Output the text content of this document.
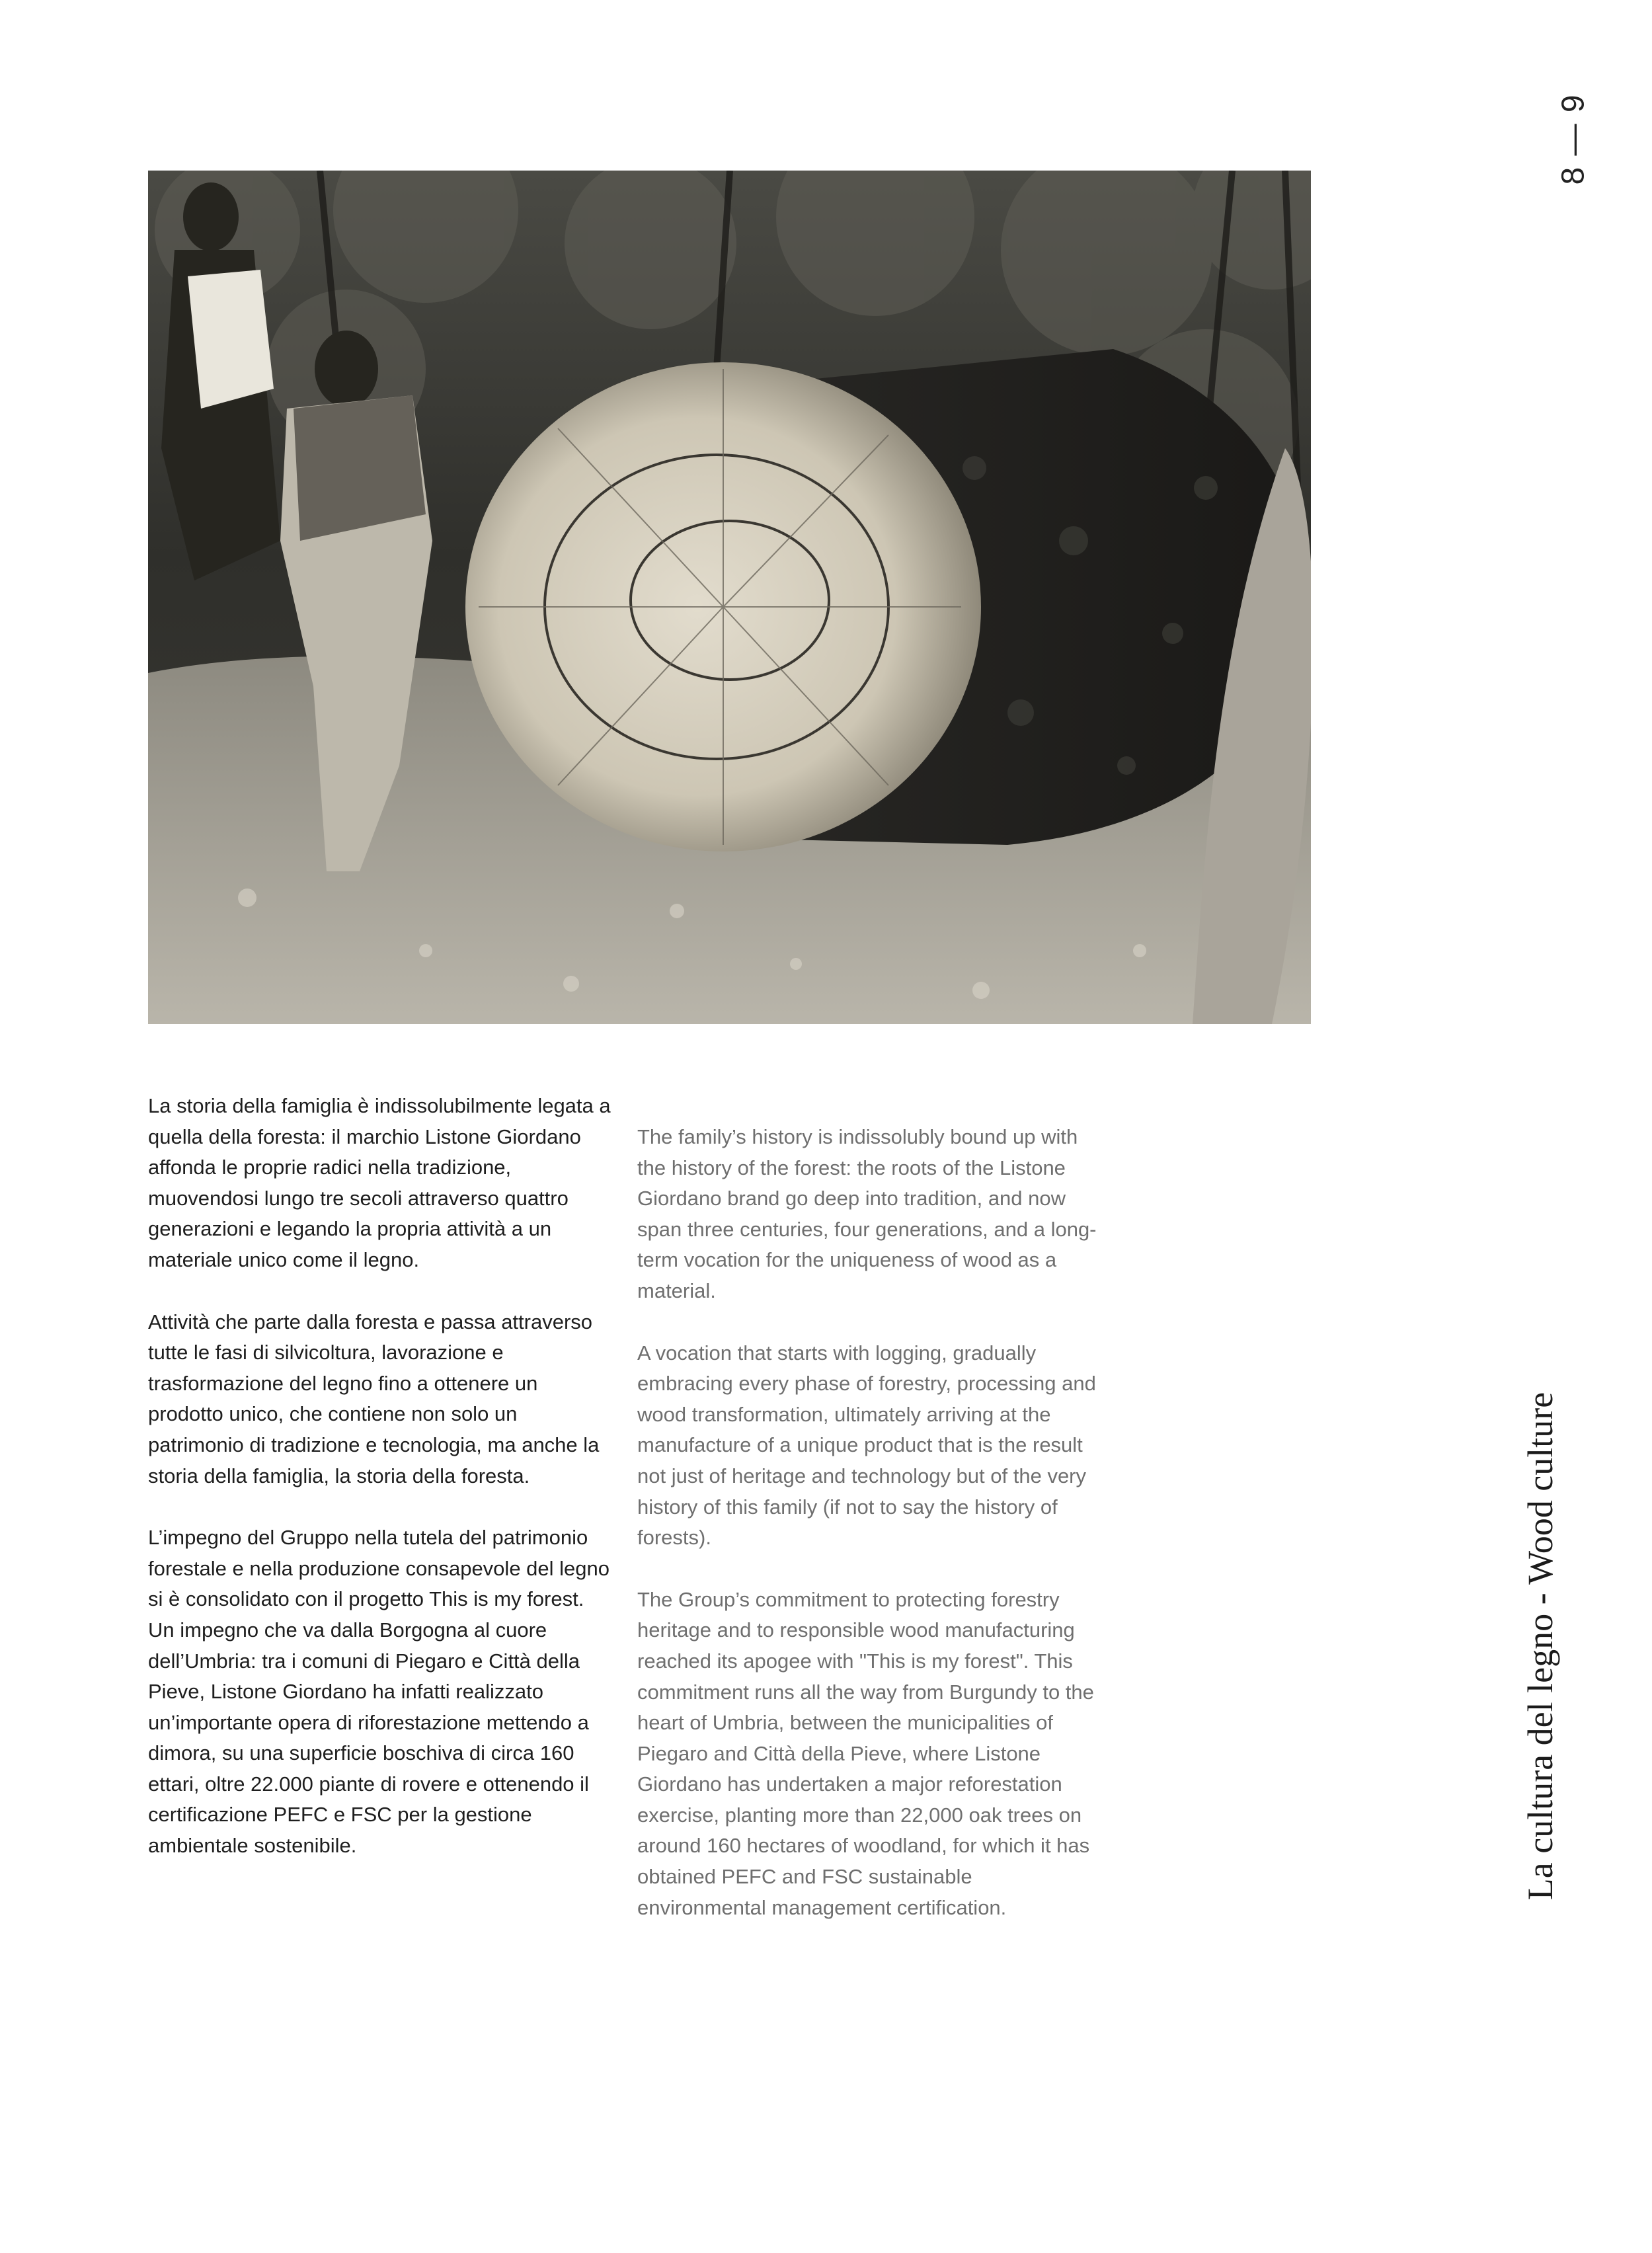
La storia della famiglia è indissolubilmente legata a quella della foresta: il marchio Listone Giordano affonda le proprie radici nella tradizione, muovendosi lungo tre secoli attraverso quattro generazioni e legando la propria attività a un materiale unico come il legno.

Attività che parte dalla foresta e passa attraverso tutte le fasi di silvicoltura, lavorazione e trasformazione del legno fino a ottenere un prodotto unico, che contiene non solo un patrimonio di tradizione e tecnologia, ma anche la storia della famiglia, la storia della foresta.

L’impegno del Gruppo nella tutela del patrimonio forestale e nella produzione consapevole del legno si è consolidato con il progetto This is my forest. Un impegno che va dalla Borgogna al cuore dell’Umbria: tra i comuni di Piegaro e Città della Pieve, Listone Giordano ha infatti realizzato un’importante opera di riforestazione mettendo a dimora, su una superficie boschiva di circa 160 ettari, oltre 22.000 piante di rovere e ottenendo il certificazione PEFC e FSC per la gestione ambientale sostenibile.

The family’s history is indissolubly bound up with the history of the forest: the roots of the Listone Giordano brand go deep into tradition, and now span three centuries, four generations, and a long-term vocation for the uniqueness of wood as a material.

A vocation that starts with logging, gradually embracing every phase of forestry, processing and wood transformation, ultimately arriving at the manufacture of a unique product that is the result not just of heritage and technology but of the very history of this family (if not to say the history of forests).

The Group’s commitment to protecting forestry heritage and to responsible wood manufacturing reached its apogee with "This is my forest". This commitment runs all the way from Burgundy to the heart of Umbria, between the municipalities of Piegaro and Città della Pieve, where Listone Giordano has undertaken a major reforestation exercise, planting more than 22,000 oak trees on around 160 hectares of woodland, for which it has obtained PEFC and FSC sustainable environmental management certification.

8 — 9
La cultura del legno - Wood culture
